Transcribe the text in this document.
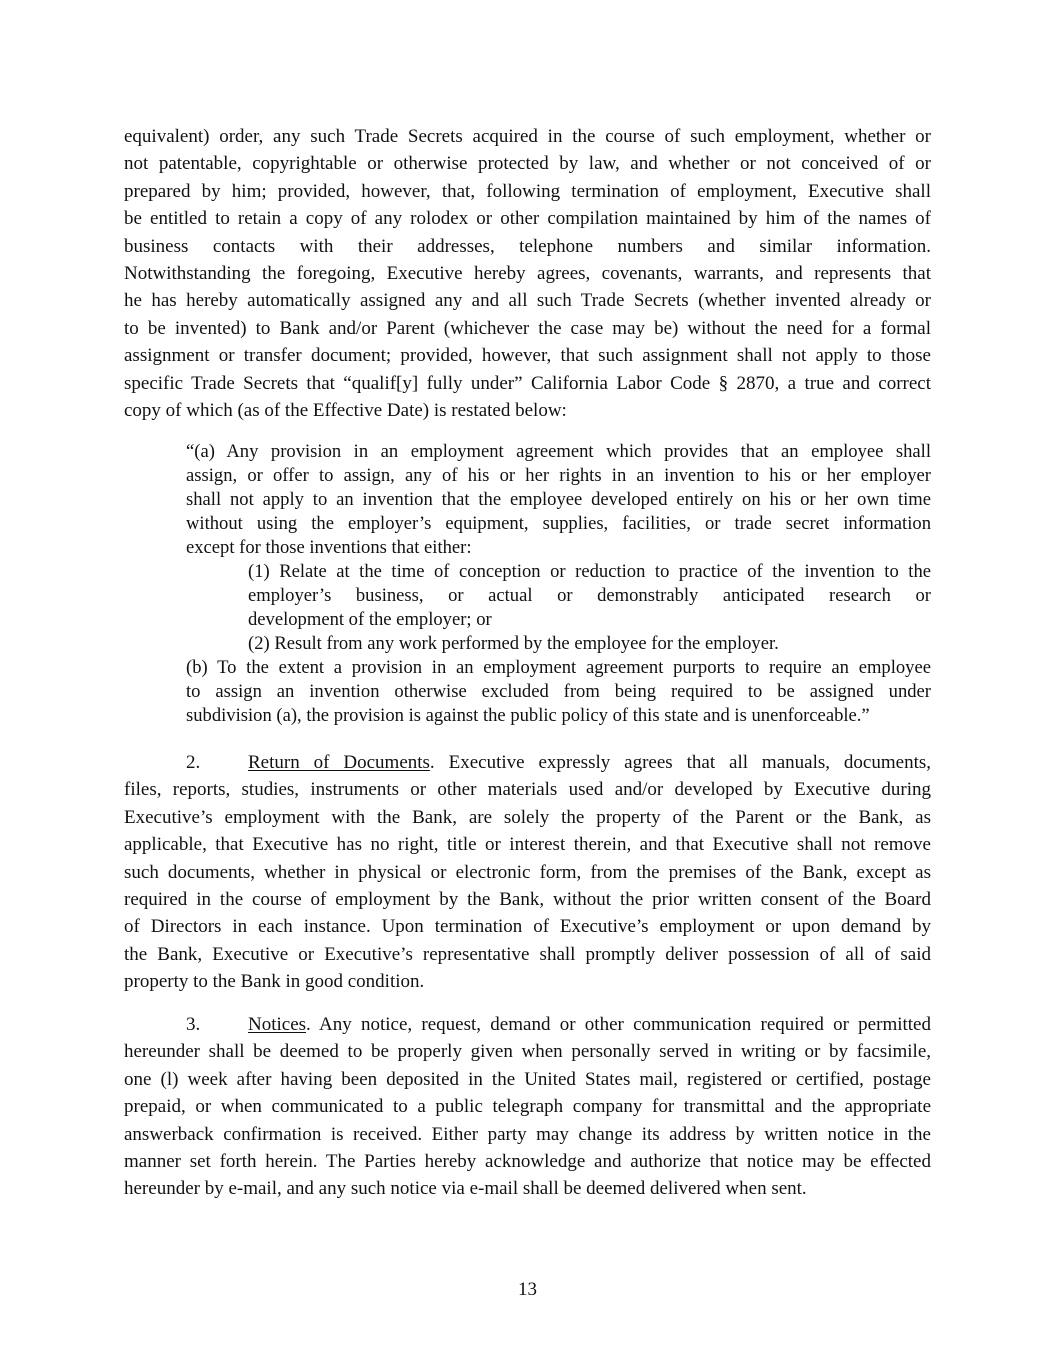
equivalent) order, any such Trade Secrets acquired in the course of such employment, whether or
not patentable, copyrightable or otherwise protected by law, and whether or not conceived of or
prepared by him; provided, however, that, following termination of employment, Executive shall
be entitled to retain a copy of any rolodex or other compilation maintained by him of the names of
business contacts with their addresses, telephone numbers and similar information.
Notwithstanding the foregoing, Executive hereby agrees, covenants, warrants, and represents that
he has hereby automatically assigned any and all such Trade Secrets (whether invented already or
to be invented) to Bank and/or Parent (whichever the case may be) without the need for a formal
assignment or transfer document; provided, however, that such assignment shall not apply to those
specific Trade Secrets that “qualif[y] fully under” California Labor Code § 2870, a true and correct
copy of which (as of the Effective Date) is restated below:
“(a) Any provision in an employment agreement which provides that an employee shall
assign, or offer to assign, any of his or her rights in an invention to his or her employer
shall not apply to an invention that the employee developed entirely on his or her own time
without using the employer’s equipment, supplies, facilities, or trade secret information
except for those inventions that either:
(1) Relate at the time of conception or reduction to practice of the invention to the
employer’s business, or actual or demonstrably anticipated research or
development of the employer; or
(2) Result from any work performed by the employee for the employer.
(b) To the extent a provision in an employment agreement purports to require an employee
to assign an invention otherwise excluded from being required to be assigned under
subdivision (a), the provision is against the public policy of this state and is unenforceable.”
2.	Return of Documents. Executive expressly agrees that all manuals, documents,
files, reports, studies, instruments or other materials used and/or developed by Executive during
Executive’s employment with the Bank, are solely the property of the Parent or the Bank, as
applicable, that Executive has no right, title or interest therein, and that Executive shall not remove
such documents, whether in physical or electronic form, from the premises of the Bank, except as
required in the course of employment by the Bank, without the prior written consent of the Board
of Directors in each instance. Upon termination of Executive’s employment or upon demand by
the Bank, Executive or Executive’s representative shall promptly deliver possession of all of said
property to the Bank in good condition.
3.	Notices. Any notice, request, demand or other communication required or permitted
hereunder shall be deemed to be properly given when personally served in writing or by facsimile,
one (l) week after having been deposited in the United States mail, registered or certified, postage
prepaid, or when communicated to a public telegraph company for transmittal and the appropriate
answerback confirmation is received. Either party may change its address by written notice in the
manner set forth herein. The Parties hereby acknowledge and authorize that notice may be effected
hereunder by e-mail, and any such notice via e-mail shall be deemed delivered when sent.
13
